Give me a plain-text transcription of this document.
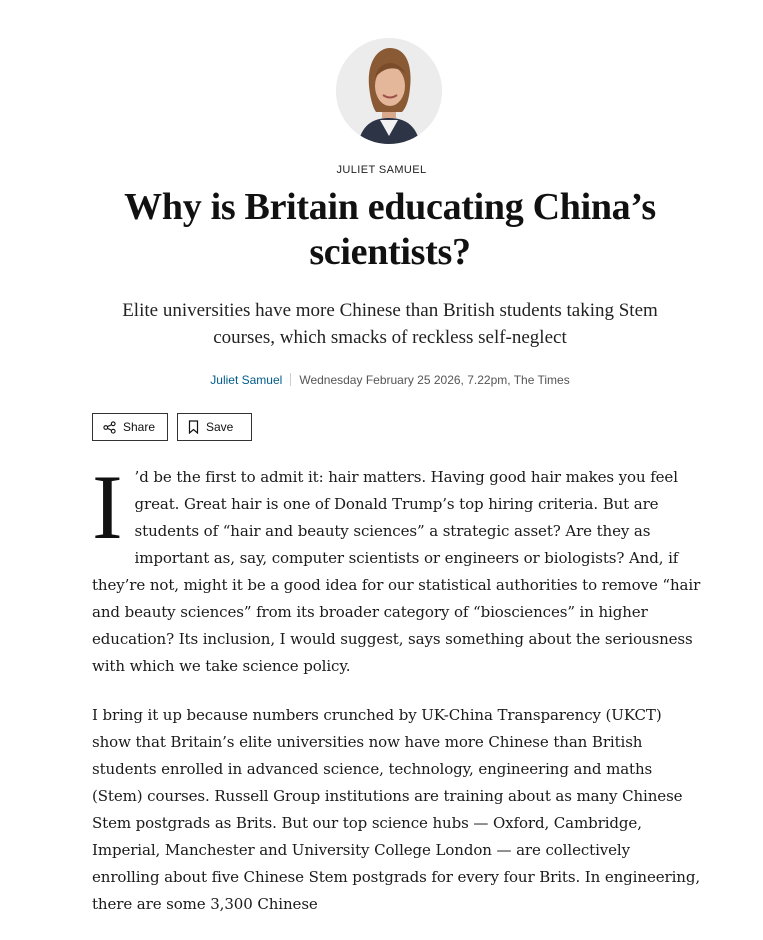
JULIET SAMUEL
Why is Britain educating China’s scientists?

Elite universities have more Chinese than British students taking Stem courses, which smacks of reckless self-neglect

Juliet Samuel Wednesday February 25 2026, 7.22pm, The Times
Share	Save

I ’d be the first to admit it: hair matters. Having good hair makes you feel great. Great hair is one of Donald Trump’s top hiring criteria. But are students of “hair and beauty sciences” a strategic asset? Are they as important as, say, computer scientists or engineers or biologists? And, if they’re not, might it be a good idea for our statistical authorities to remove “hair and beauty sciences” from its broader category of “biosciences” in higher education? Its inclusion, I would suggest, says something about the seriousness with which we take science policy.

I bring it up because numbers crunched by UK-China Transparency (UKCT) show that Britain’s elite universities now have more Chinese than British students enrolled in advanced science, technology, engineering and maths (Stem) courses. Russell Group institutions are training about as many Chinese Stem postgrads as Brits. But our top science hubs — Oxford, Cambridge, Imperial, Manchester and University College London — are collectively enrolling about five Chinese Stem postgrads for every four Brits. In engineering, there are some 3,300 Chinese
